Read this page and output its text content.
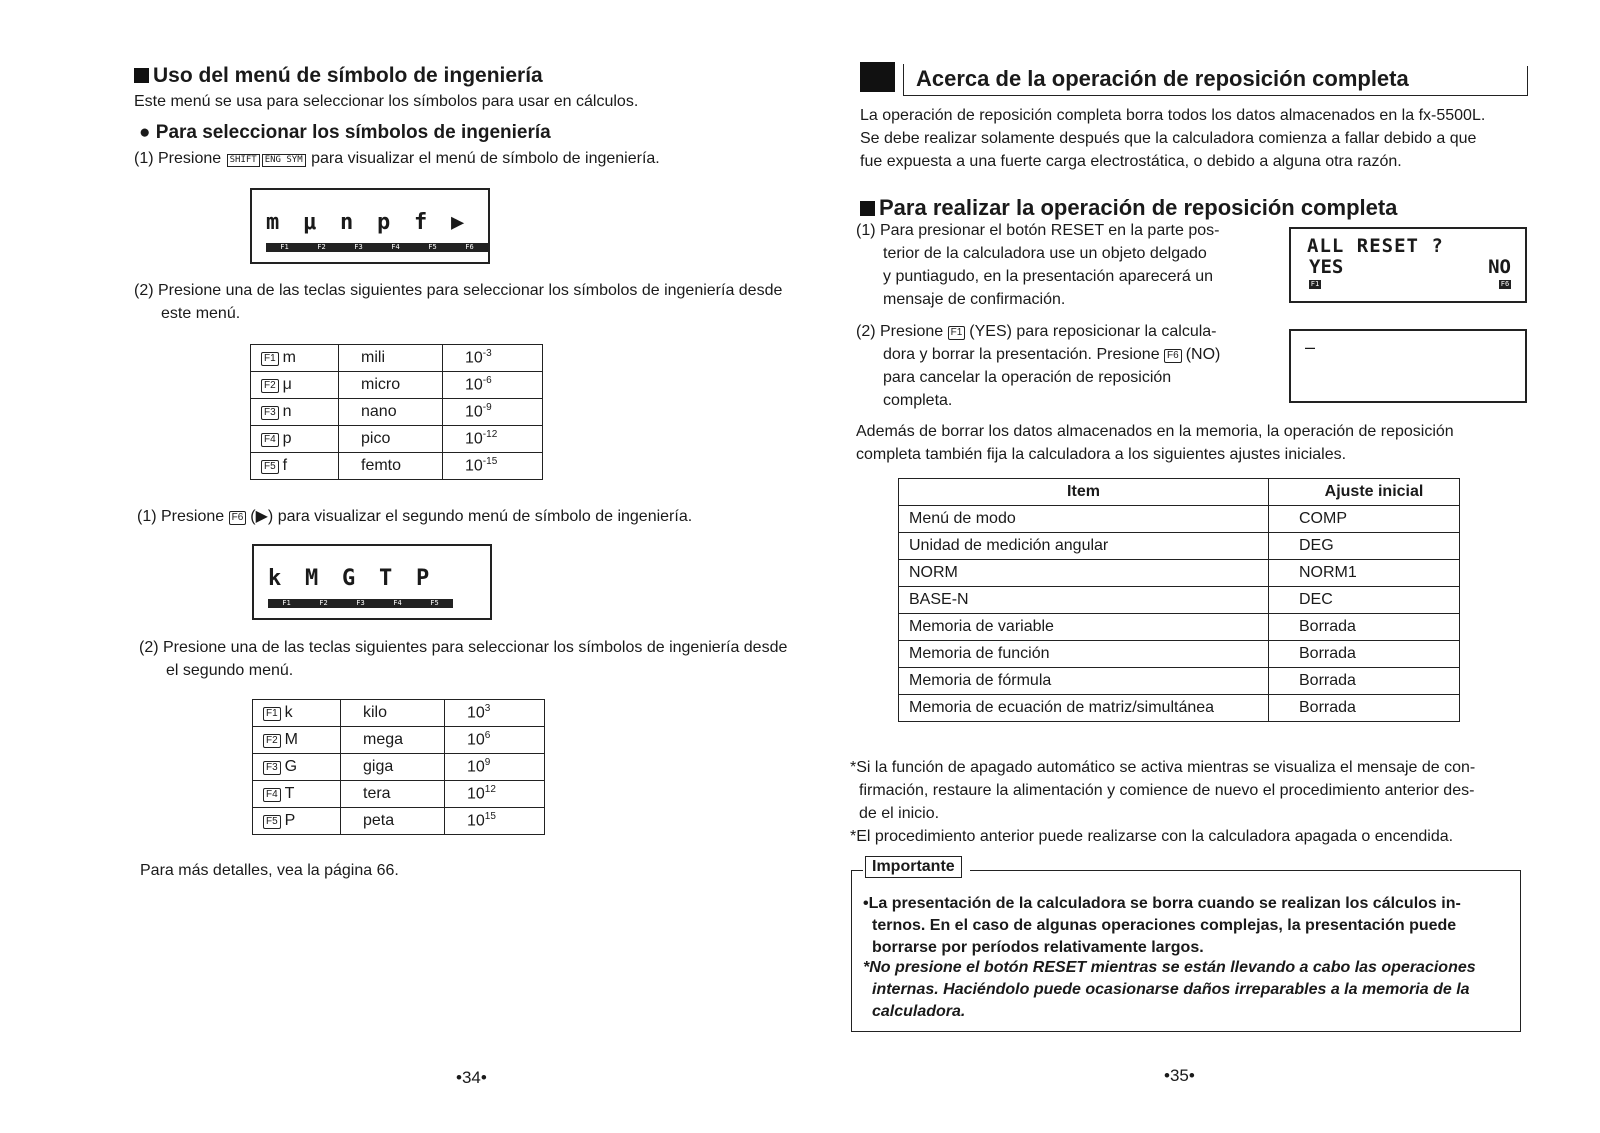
Uso del menú de símbolo de ingeniería
Este menú se usa para seleccionar los símbolos para usar en cálculos.
● Para seleccionar los símbolos de ingeniería
(1) Presione SHIFT ENG SYM para visualizar el menú de símbolo de ingeniería.
m	μ	n	p	f	▶
F1	F2	F3	F4	F5	F6
(2) Presione una de las teclas siguientes para seleccionar los símbolos de ingeniería desde
este menú.
F1 m	mili	$10^{-3}$
F2 μ	micro	$10^{-6}$
F3 n	nano	$10^{-9}$
F4 p	pico	$10^{-12}$
F5 f	femto	$10^{-15}$
(1) Presione F6 (▶) para visualizar el segundo menú de símbolo de ingeniería.
k	M	G	T	P
F1	F2	F3	F4	F5
(2) Presione una de las teclas siguientes para seleccionar los símbolos de ingeniería desde
el segundo menú.
F1 k	kilo	$10^3$
F2 M	mega	$10^6$
F3 G	giga	$10^9$
F4 T	tera	$10^{12}$
F5 P	peta	$10^{15}$
Para más detalles, vea la página 66.
•34•
Acerca de la operación de reposición completa
La operación de reposición completa borra todos los datos almacenados en la fx-5500L.
Se debe realizar solamente después que la calculadora comienza a fallar debido a que
fue expuesta a una fuerte carga electrostática, o debido a alguna otra razón.
Para realizar la operación de reposición completa
(1) Para presionar el botón RESET en la parte pos-
terior de la calculadora use un objeto delgado
y puntiagudo, en la presentación aparecerá un
mensaje de confirmación.
ALL RESET ?
YES	NO
F1	F6
(2) Presione F1 (YES) para reposicionar la calcula-
dora y borrar la presentación. Presione F6 (NO)
para cancelar la operación de reposición
completa.
–
Además de borrar los datos almacenados en la memoria, la operación de reposición
completa también fija la calculadora a los siguientes ajustes iniciales.
Item	Ajuste inicial
Menú de modo	COMP
Unidad de medición angular	DEG
NORM	NORM1
BASE-N	DEC
Memoria de variable	Borrada
Memoria de función	Borrada
Memoria de fórmula	Borrada
Memoria de ecuación de matriz/simultánea	Borrada
*Si la función de apagado automático se activa mientras se visualiza el mensaje de con-
firmación, restaure la alimentación y comience de nuevo el procedimiento anterior des-
de el inicio.
*El procedimiento anterior puede realizarse con la calculadora apagada o encendida.
Importante
•La presentación de la calculadora se borra cuando se realizan los cálculos in-
ternos. En el caso de algunas operaciones complejas, la presentación puede
borrarse por períodos relativamente largos.
*No presione el botón RESET mientras se están llevando a cabo las operaciones
internas. Haciéndolo puede ocasionarse daños irreparables a la memoria de la
calculadora.
•35•
